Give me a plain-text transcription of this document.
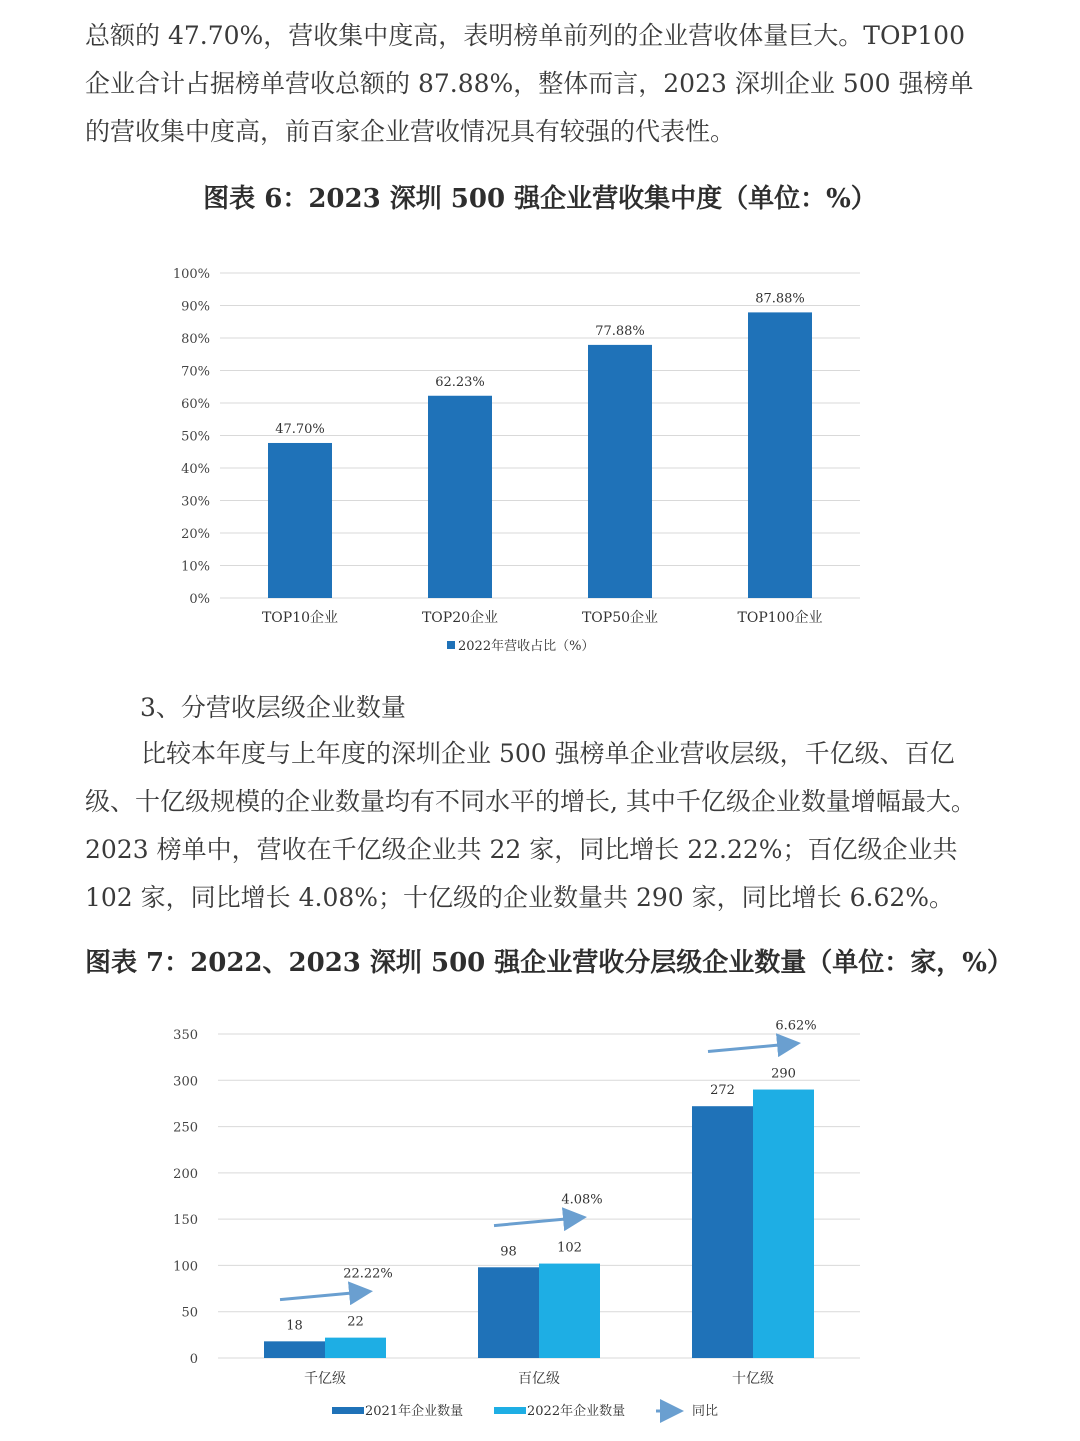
总额的 47.70%，营收集中度高，表明榜单前列的企业营收体量巨大。TOP100
企业合计占据榜单营收总额的 87.88%，整体而言，2023 深圳企业 500 强榜单
的营收集中度高，前百家企业营收情况具有较强的代表性。
图表 6：2023 深圳 500 强企业营收集中度（单位：%）
0%
10%
20%
30%
40%
50%
60%
70%
80%
90%
100%
47.70%
TOP10企业
62.23%
TOP20企业
77.88%
TOP50企业
87.88%
TOP100企业
2022年营收占比（%）
3、分营收层级企业数量
比较本年度与上年度的深圳企业 500 强榜单企业营收层级，千亿级、百亿
级、十亿级规模的企业数量均有不同水平的增长, 其中千亿级企业数量增幅最大。
2023 榜单中，营收在千亿级企业共 22 家，同比增长 22.22%；百亿级企业共
102 家，同比增长 4.08%；十亿级的企业数量共 290 家，同比增长 6.62%。
图表 7：2022、2023 深圳 500 强企业营收分层级企业数量（单位：家，%）
0
50
100
150
200
250
300
350
18	22
22.22%
千亿级
98	102
4.08%
百亿级
272
290
6.62%
十亿级
2021年企业数量	2022年企业数量	同比
